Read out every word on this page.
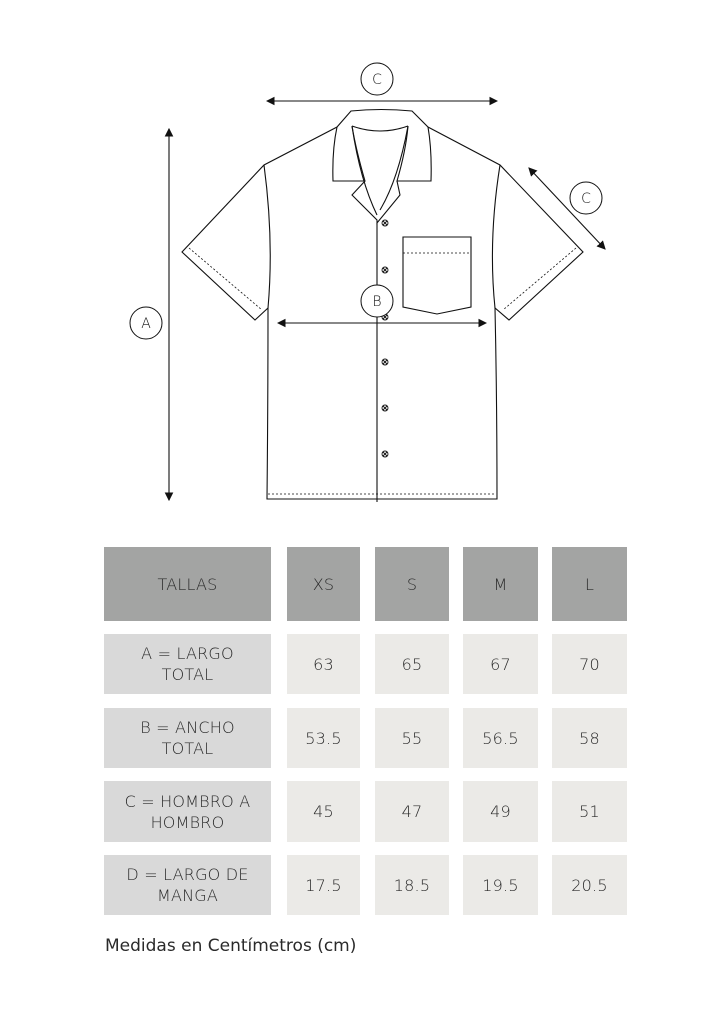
C
A
B
C
TALLAS	XS	S	M	L
A = LARGO
TOTAL
63	65	67	70
B = ANCHO
TOTAL
53.5	55	56.5	58
C = HOMBRO A
HOMBRO
45	47	49	51
D = LARGO DE
MANGA
17.5	18.5	19.5	20.5
Medidas en Centímetros (cm)
